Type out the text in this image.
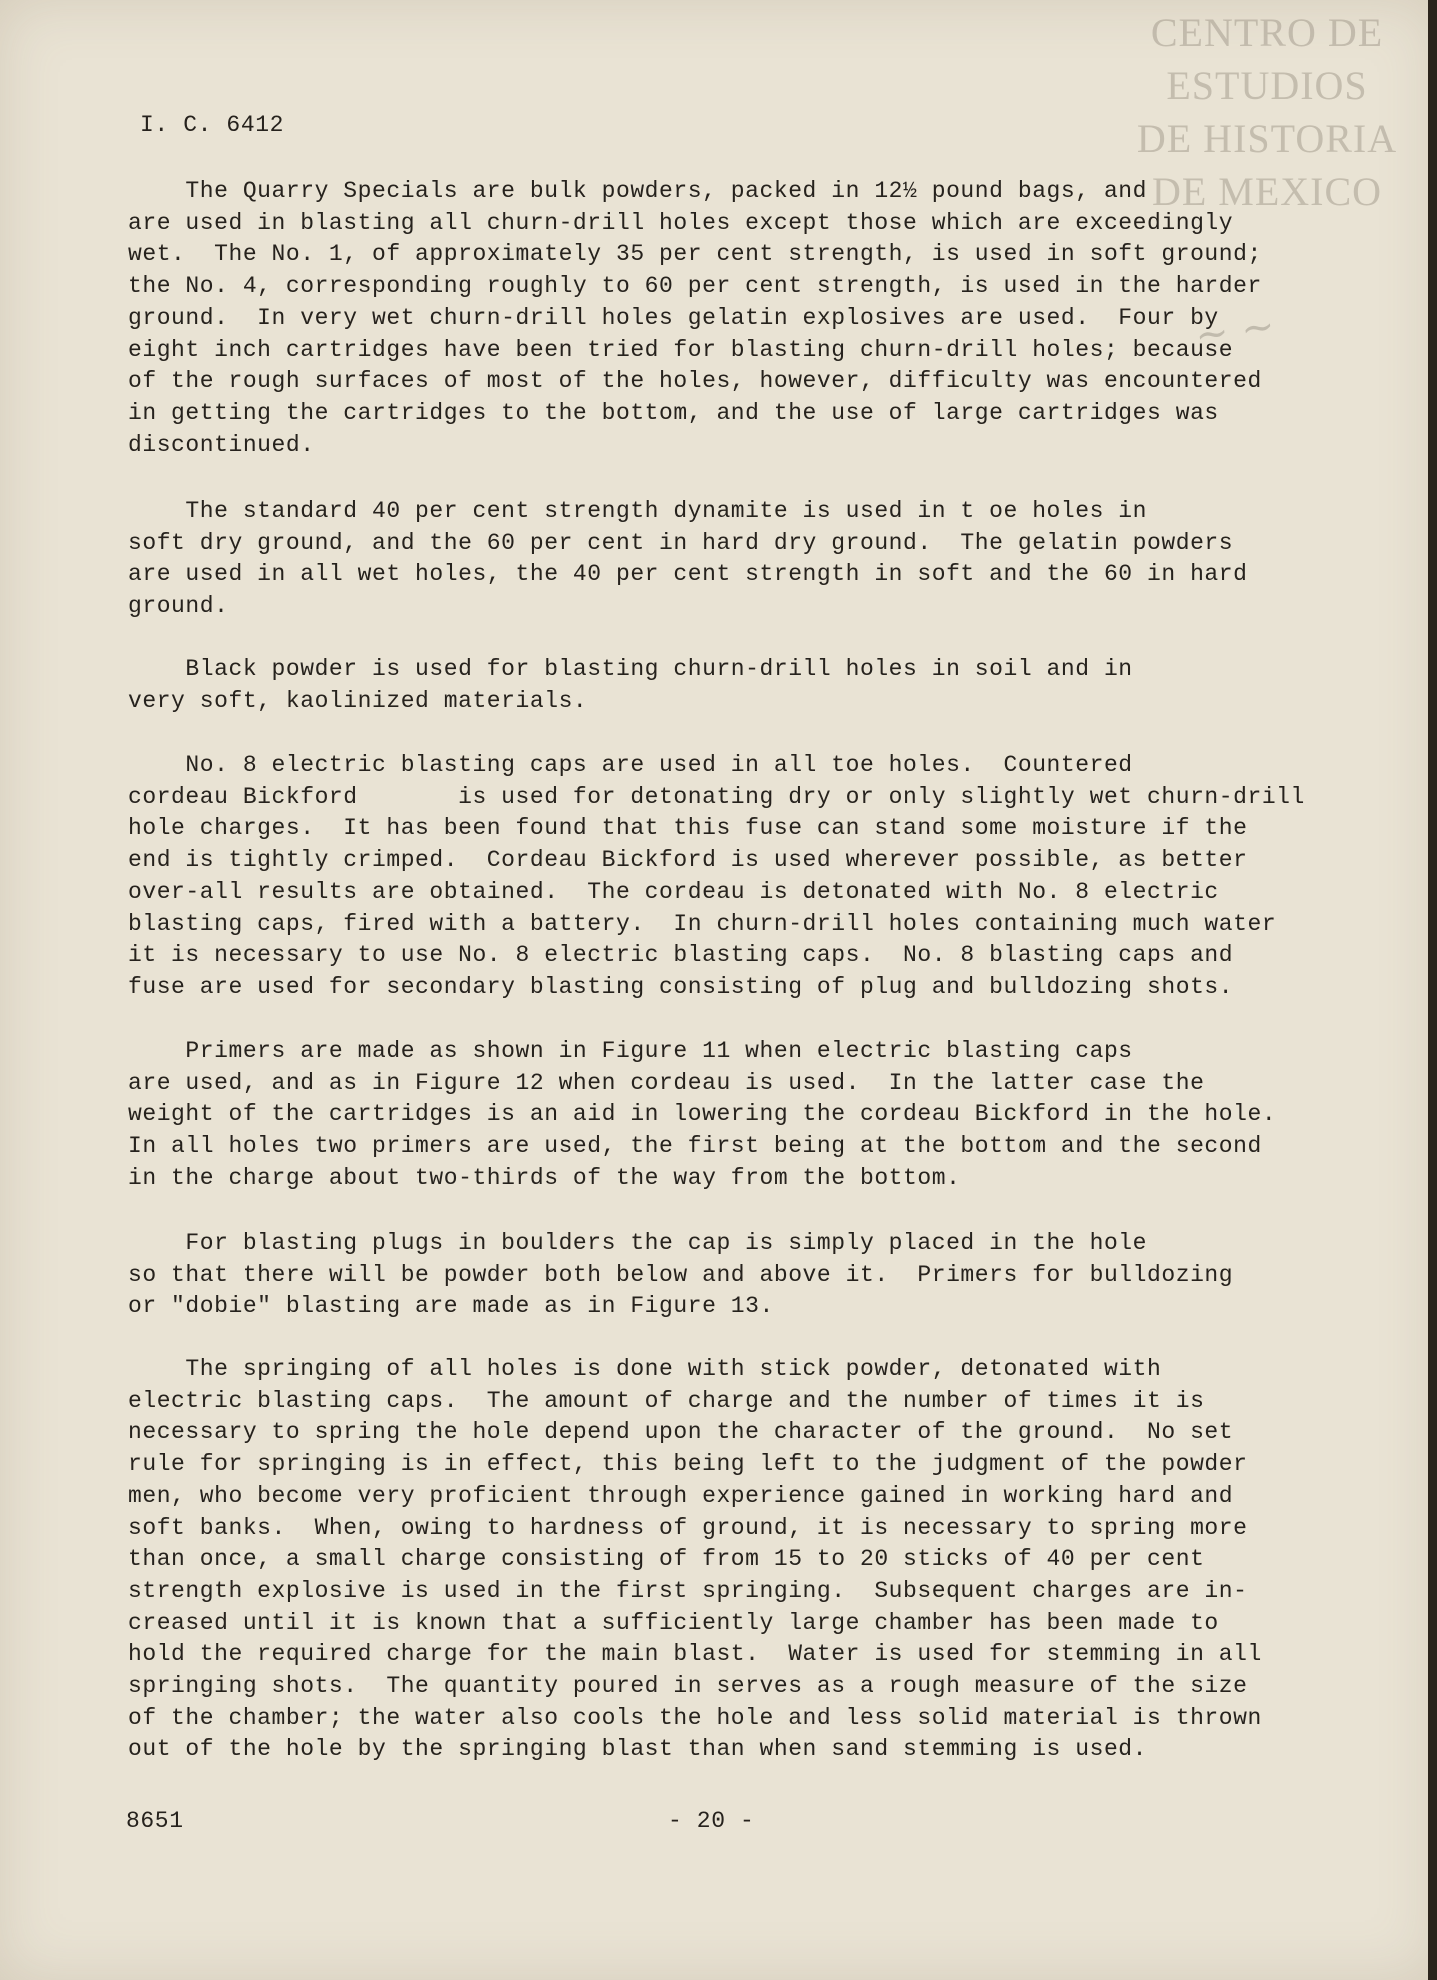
CENTRO DE
ESTUDIOS
DE HISTORIA
DE MEXICO
~ ~
I. C. 6412
The Quarry Specials are bulk powders, packed in 12½ pound bags, and
are used in blasting all churn-drill holes except those which are exceedingly
wet.  The No. 1, of approximately 35 per cent strength, is used in soft ground;
the No. 4, corresponding roughly to 60 per cent strength, is used in the harder
ground.  In very wet churn-drill holes gelatin explosives are used.  Four by
eight inch cartridges have been tried for blasting churn-drill holes; because
of the rough surfaces of most of the holes, however, difficulty was encountered
in getting the cartridges to the bottom, and the use of large cartridges was
discontinued.
The standard 40 per cent strength dynamite is used in t oe holes in
soft dry ground, and the 60 per cent in hard dry ground.  The gelatin powders
are used in all wet holes, the 40 per cent strength in soft and the 60 in hard
ground.
Black powder is used for blasting churn-drill holes in soil and in
very soft, kaolinized materials.
No. 8 electric blasting caps are used in all toe holes.  Countered
cordeau Bickford       is used for detonating dry or only slightly wet churn-drill
hole charges.  It has been found that this fuse can stand some moisture if the
end is tightly crimped.  Cordeau Bickford is used wherever possible, as better
over-all results are obtained.  The cordeau is detonated with No. 8 electric
blasting caps, fired with a battery.  In churn-drill holes containing much water
it is necessary to use No. 8 electric blasting caps.  No. 8 blasting caps and
fuse are used for secondary blasting consisting of plug and bulldozing shots.
Primers are made as shown in Figure 11 when electric blasting caps
are used, and as in Figure 12 when cordeau is used.  In the latter case the
weight of the cartridges is an aid in lowering the cordeau Bickford in the hole.
In all holes two primers are used, the first being at the bottom and the second
in the charge about two-thirds of the way from the bottom.
For blasting plugs in boulders the cap is simply placed in the hole
so that there will be powder both below and above it.  Primers for bulldozing
or "dobie" blasting are made as in Figure 13.
The springing of all holes is done with stick powder, detonated with
electric blasting caps.  The amount of charge and the number of times it is
necessary to spring the hole depend upon the character of the ground.  No set
rule for springing is in effect, this being left to the judgment of the powder
men, who become very proficient through experience gained in working hard and
soft banks.  When, owing to hardness of ground, it is necessary to spring more
than once, a small charge consisting of from 15 to 20 sticks of 40 per cent
strength explosive is used in the first springing.  Subsequent charges are in-
creased until it is known that a sufficiently large chamber has been made to
hold the required charge for the main blast.  Water is used for stemming in all
springing shots.  The quantity poured in serves as a rough measure of the size
of the chamber; the water also cools the hole and less solid material is thrown
out of the hole by the springing blast than when sand stemming is used.
8651	- 20 -
